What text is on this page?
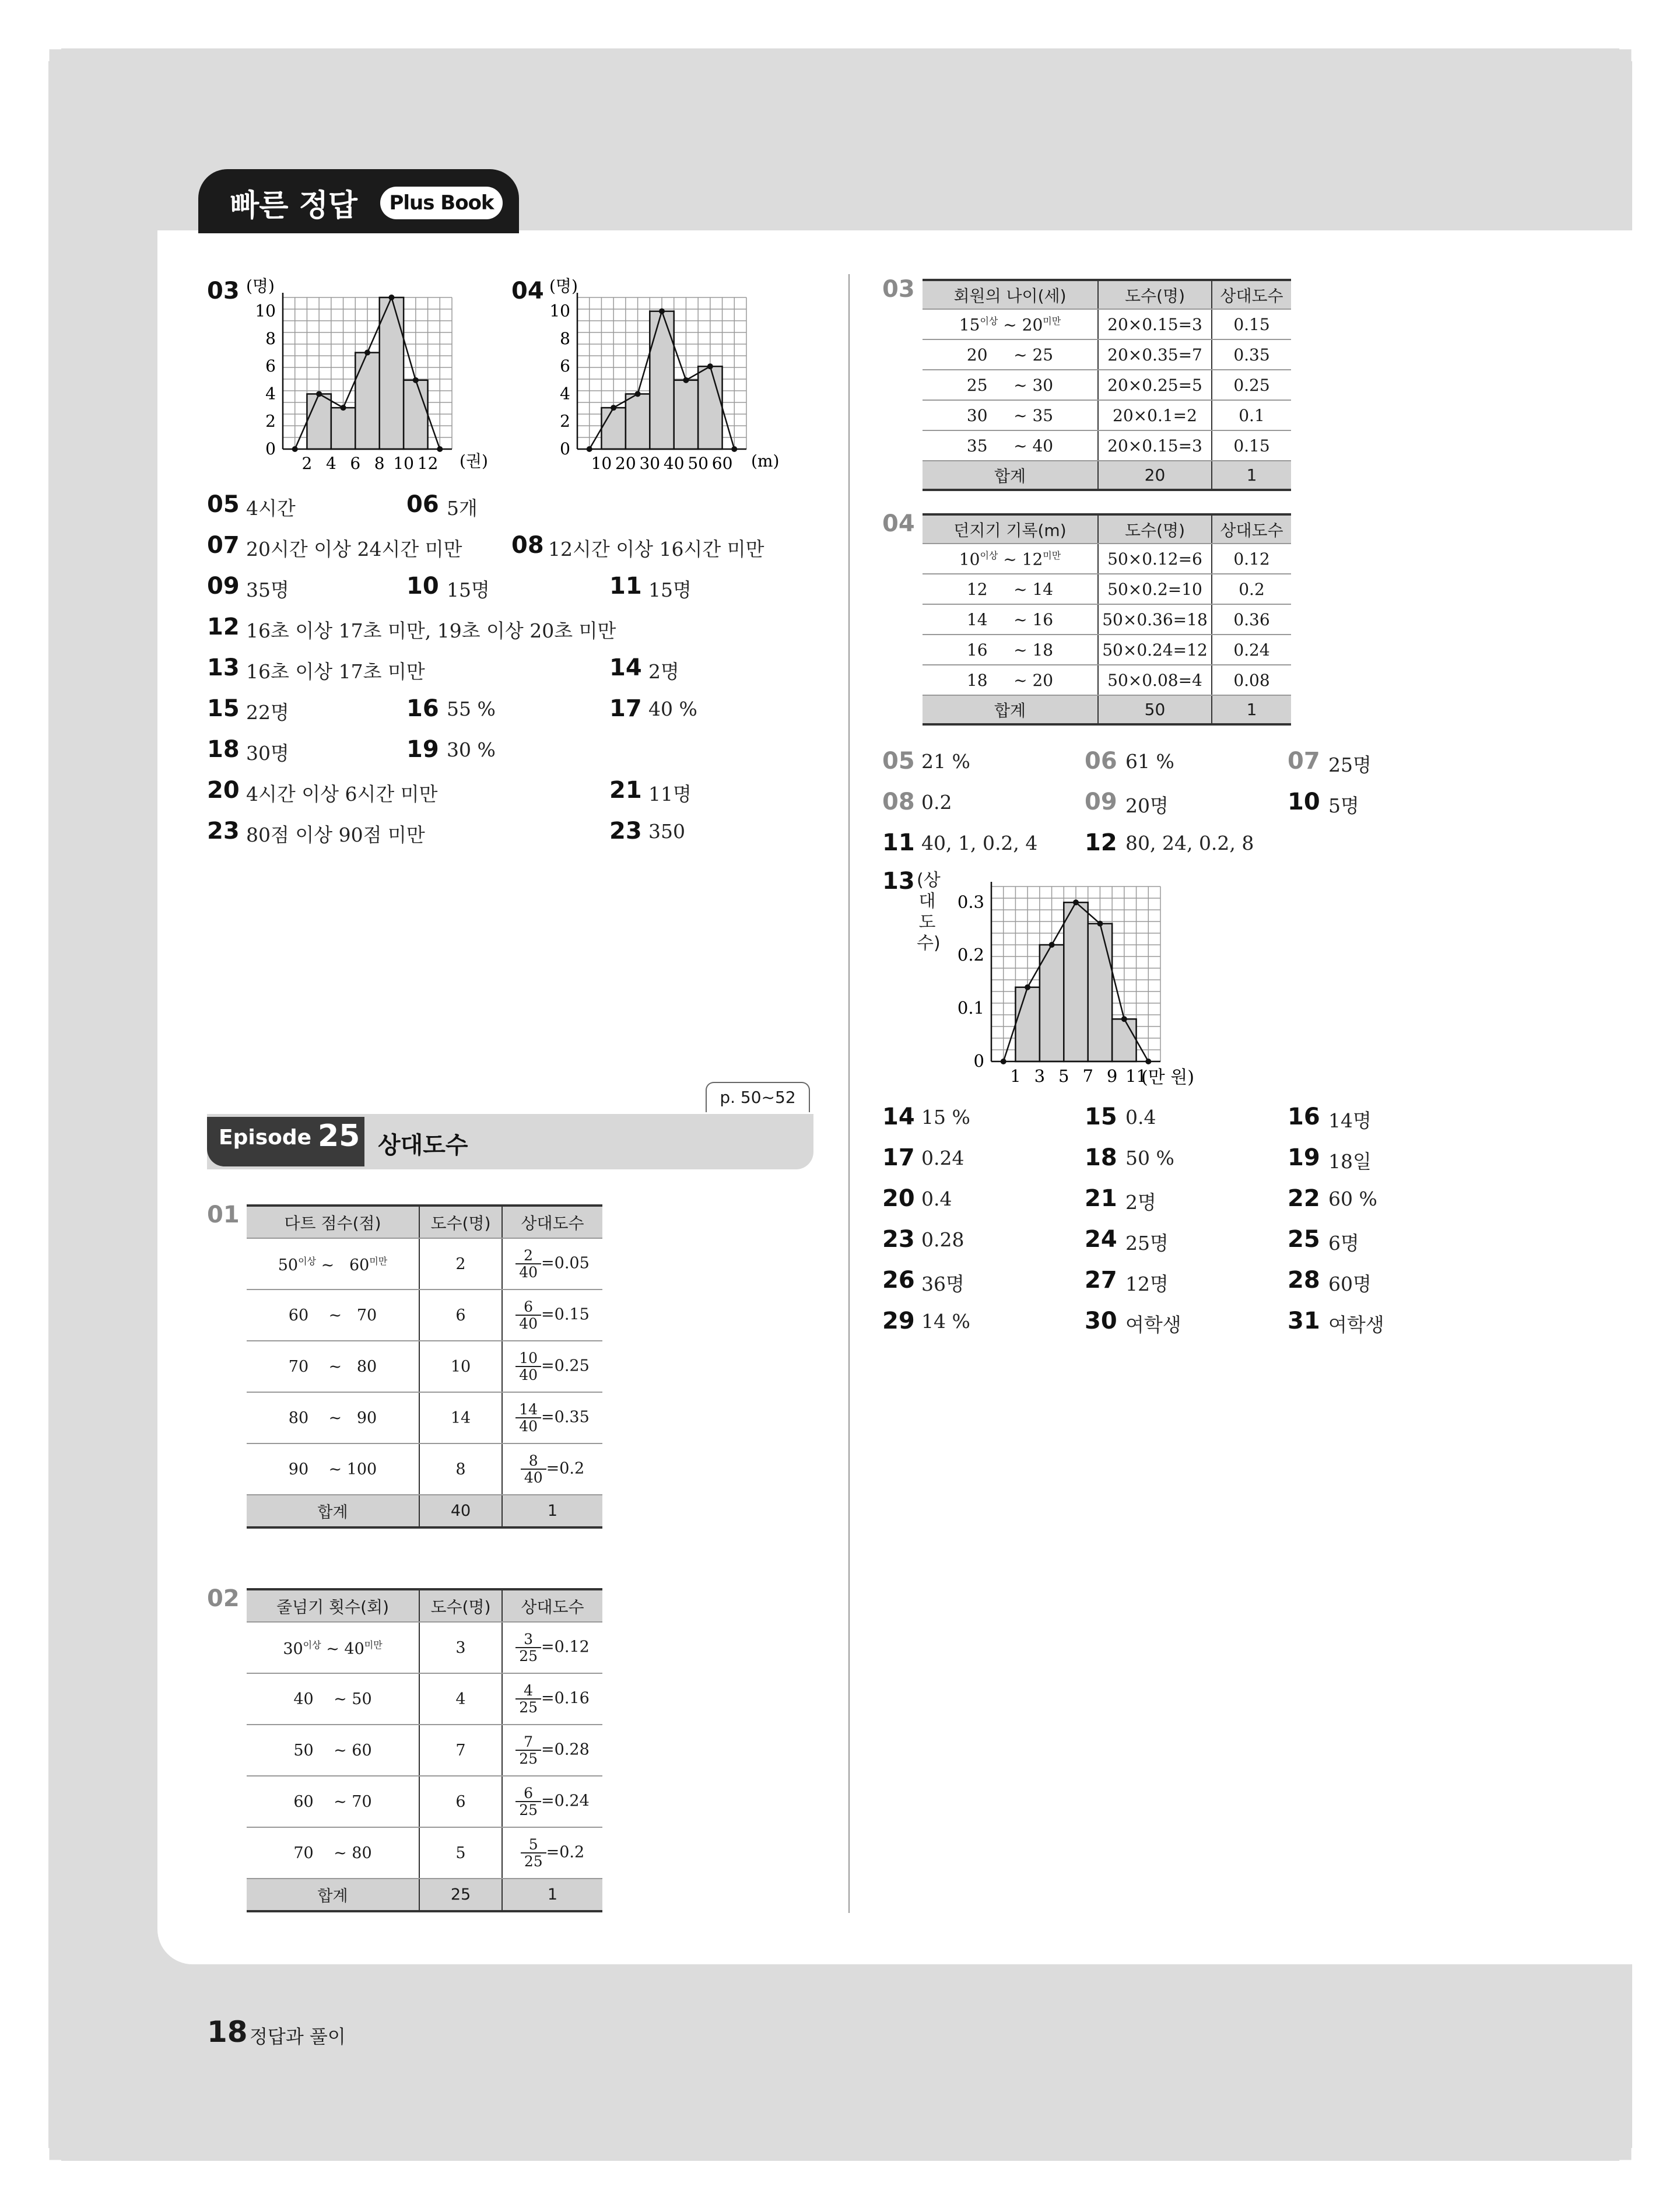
빠른 정답	Plus Book
03 (명)
(권)
0
2
4
6
8
10
2 4 6 8 10 12
04 (명)
(m)
0
2
4
6
8
10
10 20 30 40 50 60
05 4시간	06 5개
07 20시간 이상 24시간 미만 08 12시간 이상 16시간 미만
09 35명	10 15명	11 15명
12 16초 이상 17초 미만, 19초 이상 20초 미만
13 16초 이상 17초 미만	14 2명
15 22명	16 55 %	17 40 %
18 30명	19 30 %
20 4시간 이상 6시간 미만	21 11명
23 80점 이상 90점 미만	23 350
p. 50~52
Episode 25 상대도수
01	다트 점수(점)	도수(명)	상대도수
$50^{이상}$ ~ $60^{미만}$	2	$\frac{2}{40} =0.05$
60 ~ 70	6	$\frac{6}{40} =0.15$
70 ~ 80	10	$\frac{10}{40} =0.25$
80 ~ 90	14	$\frac{14}{40} =0.35$
90 ~ 100	8	$\frac{8}{40} =0.2$
합계	40	1
02 줄넘기 횟수(회)	도수(명)	상대도수
$30^{이상}$ ~ $40^{미만}$	3	$\frac{3}{25} =0.12$
40 ~ 50	4	$\frac{4}{25} =0.16$
50 ~ 60	7	$\frac{7}{25} =0.28$
60 ~ 70	6	$\frac{6}{25} =0.24$
70 ~ 80	5	$\frac{5}{25} =0.2$
합계	25	1
03 회원의 나이(세)	도수(명)	상대도수
$15^{이상}$ ~ $20^{미만}$	20×0.15=3	0.15
20 ~ 25	20×0.35=7	0.35
25 ~ 30	20×0.25=5	0.25
30 ~ 35	20×0.1=2	0.1
35 ~ 40	20×0.15=3	0.15
합계	20	1
04 던지기 기록(m)	도수(명)	상대도수
$10^{이상}$ ~ $12^{미만}$	50×0.12=6	0.12
12 ~ 14	50×0.2=10	0.2
14 ~ 16	50×0.36=18	0.36
16 ~ 18	50×0.24=12	0.24
18 ~ 20	50×0.08=4	0.08
합계	50	1
05 21 %	06 61 %	07 25명
08 0.2	09 20명	10 5명
11 40, 1, 0.2, 4 12 80, 24, 0.2, 8
13 (상대도수)
(만 원)
0
0.1
0.2
0.3
1 3 5 7 9 11
14 15 %	15 0.4	16 14명
17 0.24	18 50 %	19 18일
20 0.4	21 2명	22 60 %
23 0.28	24 25명	25 6명
26 36명	27 12명	28 60명
29 14 %	30 여학생	31 여학생
18 정답과 풀이
